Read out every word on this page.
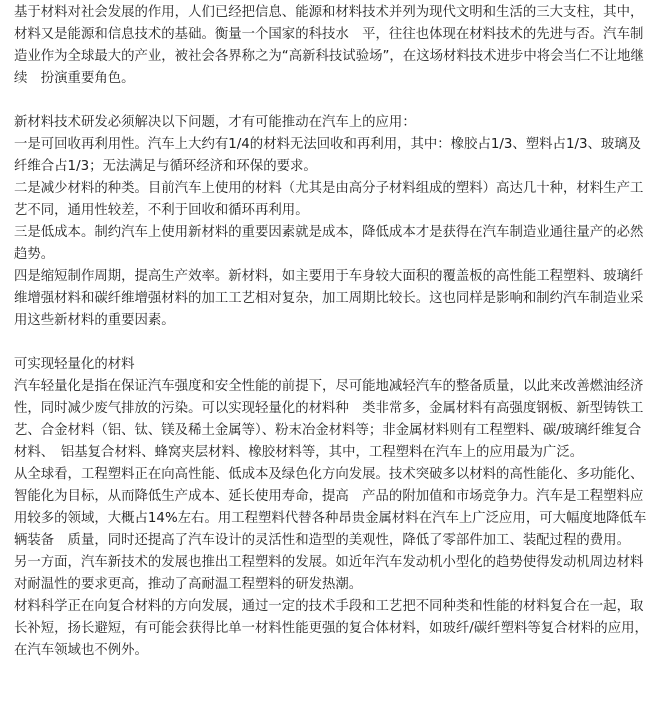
基于材料对社会发展的作用，人们已经把信息、能源和材料技术并列为现代文明和生活的三大支柱，其中，材料又是能源和信息技术的基础。衡量一个国家的科技水　平，往往也体现在材料技术的先进与否。汽车制造业作为全球最大的产业，被社会各界称之为“高新科技试验场”，在这场材料技术进步中将会当仁不让地继续　扮演重要角色。

新材料技术研发必须解决以下问题，才有可能推动在汽车上的应用：

一是可回收再利用性。汽车上大约有1/4的材料无法回收和再利用，其中：橡胶占1/3、塑料占1/3、玻璃及纤维合占1/3；无法满足与循环经济和环保的要求。

二是减少材料的种类。目前汽车上使用的材料（尤其是由高分子材料组成的塑料）高达几十种，材料生产工艺不同，通用性较差，不利于回收和循环再利用。

三是低成本。制约汽车上使用新材料的重要因素就是成本，降低成本才是获得在汽车制造业通往量产的必然趋势。

四是缩短制作周期，提高生产效率。新材料，如主要用于车身较大面积的覆盖板的高性能工程塑料、玻璃纤维增强材料和碳纤维增强材料的加工工艺相对复杂，加工周期比较长。这也同样是影响和制约汽车制造业采用这些新材料的重要因素。

可实现轻量化的材料

汽车轻量化是指在保证汽车强度和安全性能的前提下，尽可能地减轻汽车的整备质量，以此来改善燃油经济性，同时减少废气排放的污染。可以实现轻量化的材料种　类非常多，金属材料有高强度钢板、新型铸铁工艺、合金材料（铝、钛、镁及稀土金属等）、粉末冶金材料等；非金属材料则有工程塑料、碳/玻璃纤维复合材料、　铝基复合材料、蜂窝夹层材料、橡胶材料等，其中，工程塑料在汽车上的应用最为广泛。

从全球看，工程塑料正在向高性能、低成本及绿色化方向发展。技术突破多以材料的高性能化、多功能化、智能化为目标，从而降低生产成本、延长使用寿命，提高　产品的附加值和市场竞争力。汽车是工程塑料应用较多的领域，大概占14%左右。用工程塑料代替各种昂贵金属材料在汽车上广泛应用，可大幅度地降低车辆装备　质量，同时还提高了汽车设计的灵活性和造型的美观性，降低了零部件加工、装配过程的费用。

另一方面，汽车新技术的发展也推出工程塑料的发展。如近年汽车发动机小型化的趋势使得发动机周边材料对耐温性的要求更高，推动了高耐温工程塑料的研发热潮。

材料科学正在向复合材料的方向发展，通过一定的技术手段和工艺把不同种类和性能的材料复合在一起，取长补短，扬长避短，有可能会获得比单一材料性能更强的复合体材料，如玻纤/碳纤塑料等复合材料的应用，在汽车领域也不例外。
